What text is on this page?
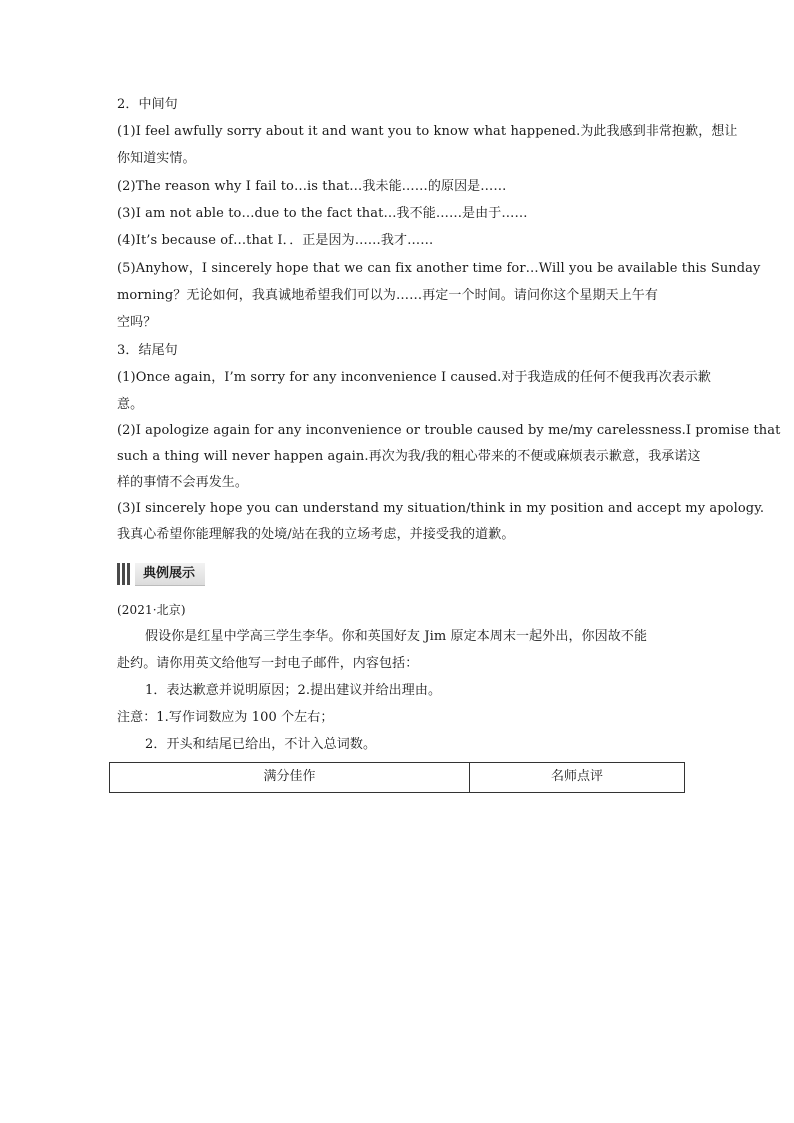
2．中间句
(1)I feel awfully sorry about it and want you to know what happened.为此我感到非常抱歉，想让
你知道实情。
(2)The reason why I fail to…is that…我未能……的原因是……
(3)I am not able to…due to the fact that…我不能……是由于……
(4)It’s because of…that I．．正是因为……我才……
(5)Anyhow，I sincerely hope that we can fix another time for…Will you be available this Sunday
morning？无论如何，我真诚地希望我们可以为……再定一个时间。请问你这个星期天上午有
空吗？
3．结尾句
(1)Once again，I’m sorry for any inconvenience I caused.对于我造成的任何不便我再次表示歉
意。
(2)I apologize again for any inconvenience or trouble caused by me/my carelessness.I promise that
such a thing will never happen again.再次为我/我的粗心带来的不便或麻烦表示歉意，我承诺这
样的事情不会再发生。
(3)I sincerely hope you can understand my situation/think in my position and accept my apology.
我真心希望你能理解我的处境/站在我的立场考虑，并接受我的道歉。
典例展示
(2021·北京)
假设你是红星中学高三学生李华。你和英国好友 Jim 原定本周末一起外出，你因故不能
赴约。请你用英文给他写一封电子邮件，内容包括：
1．表达歉意并说明原因；2.提出建议并给出理由。
注意：1.写作词数应为 100 个左右；
2．开头和结尾已给出，不计入总词数。
满分佳作	名师点评
